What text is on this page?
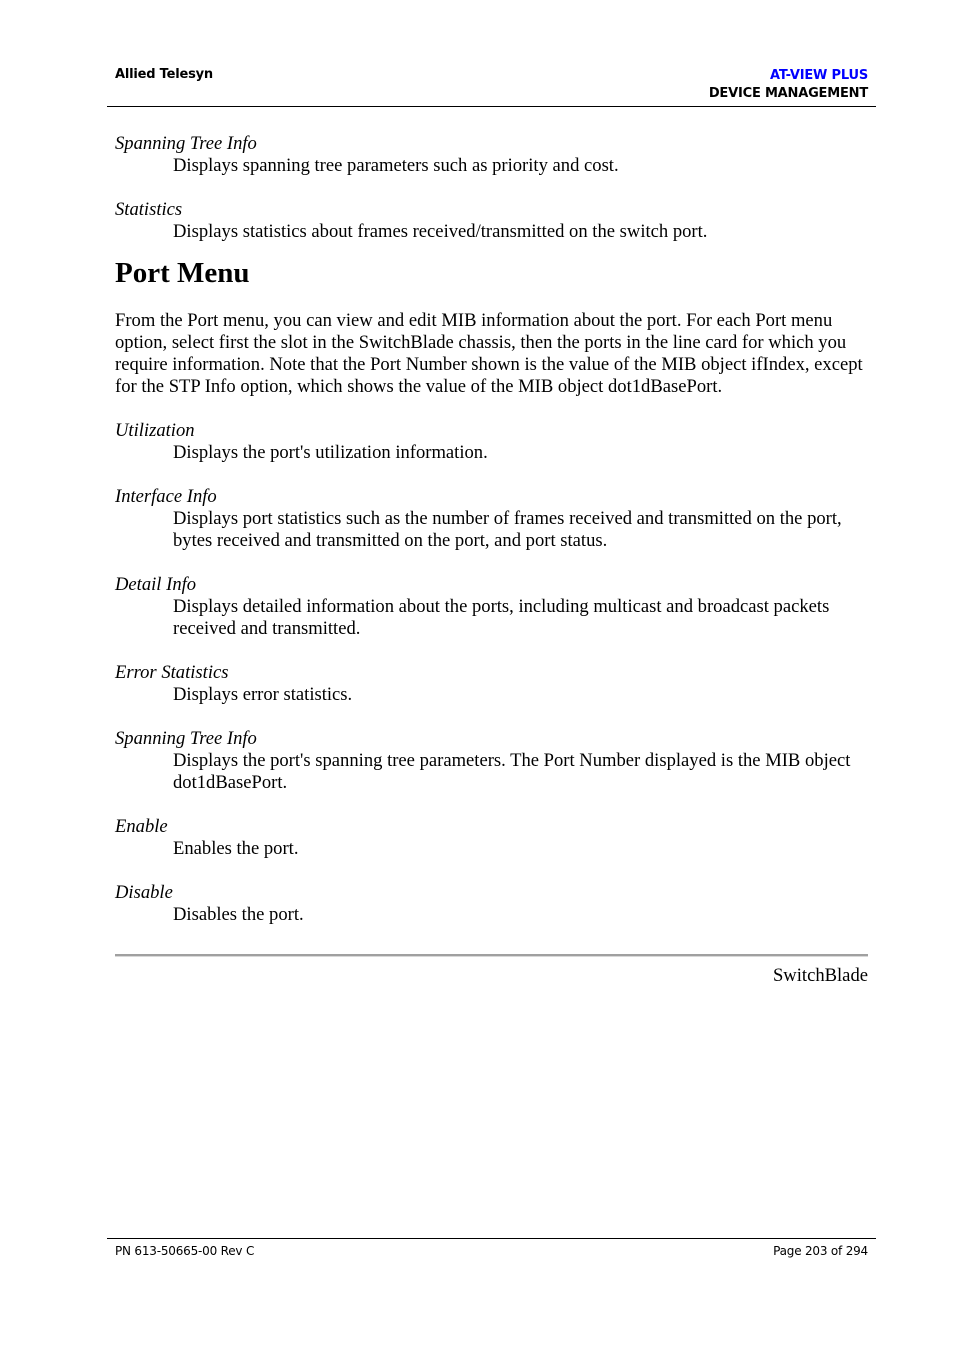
Allied Telesyn	AT-VIEW PLUS
DEVICE MANAGEMENT

Spanning Tree Info

Displays spanning tree parameters such as priority and cost.

Statistics

Displays statistics about frames received/transmitted on the switch port.

Port Menu

From the Port menu, you can view and edit MIB information about the port. For each Port menu option, select first the slot in the SwitchBlade chassis, then the ports in the line card for which you require information. Note that the Port Number shown is the value of the MIB object ifIndex, except for the STP Info option, which shows the value of the MIB object dot1dBasePort.

Utilization

Displays the port's utilization information.

Interface Info

Displays port statistics such as the number of frames received and transmitted on the port, bytes received and transmitted on the port, and port status.

Detail Info

Displays detailed information about the ports, including multicast and broadcast packets received and transmitted.

Error Statistics

Displays error statistics.

Spanning Tree Info

Displays the port's spanning tree parameters. The Port Number displayed is the MIB object dot1dBasePort.

Enable

Enables the port.

Disable

Disables the port.

SwitchBlade
PN 613-50665-00 Rev C	Page 203 of 294
